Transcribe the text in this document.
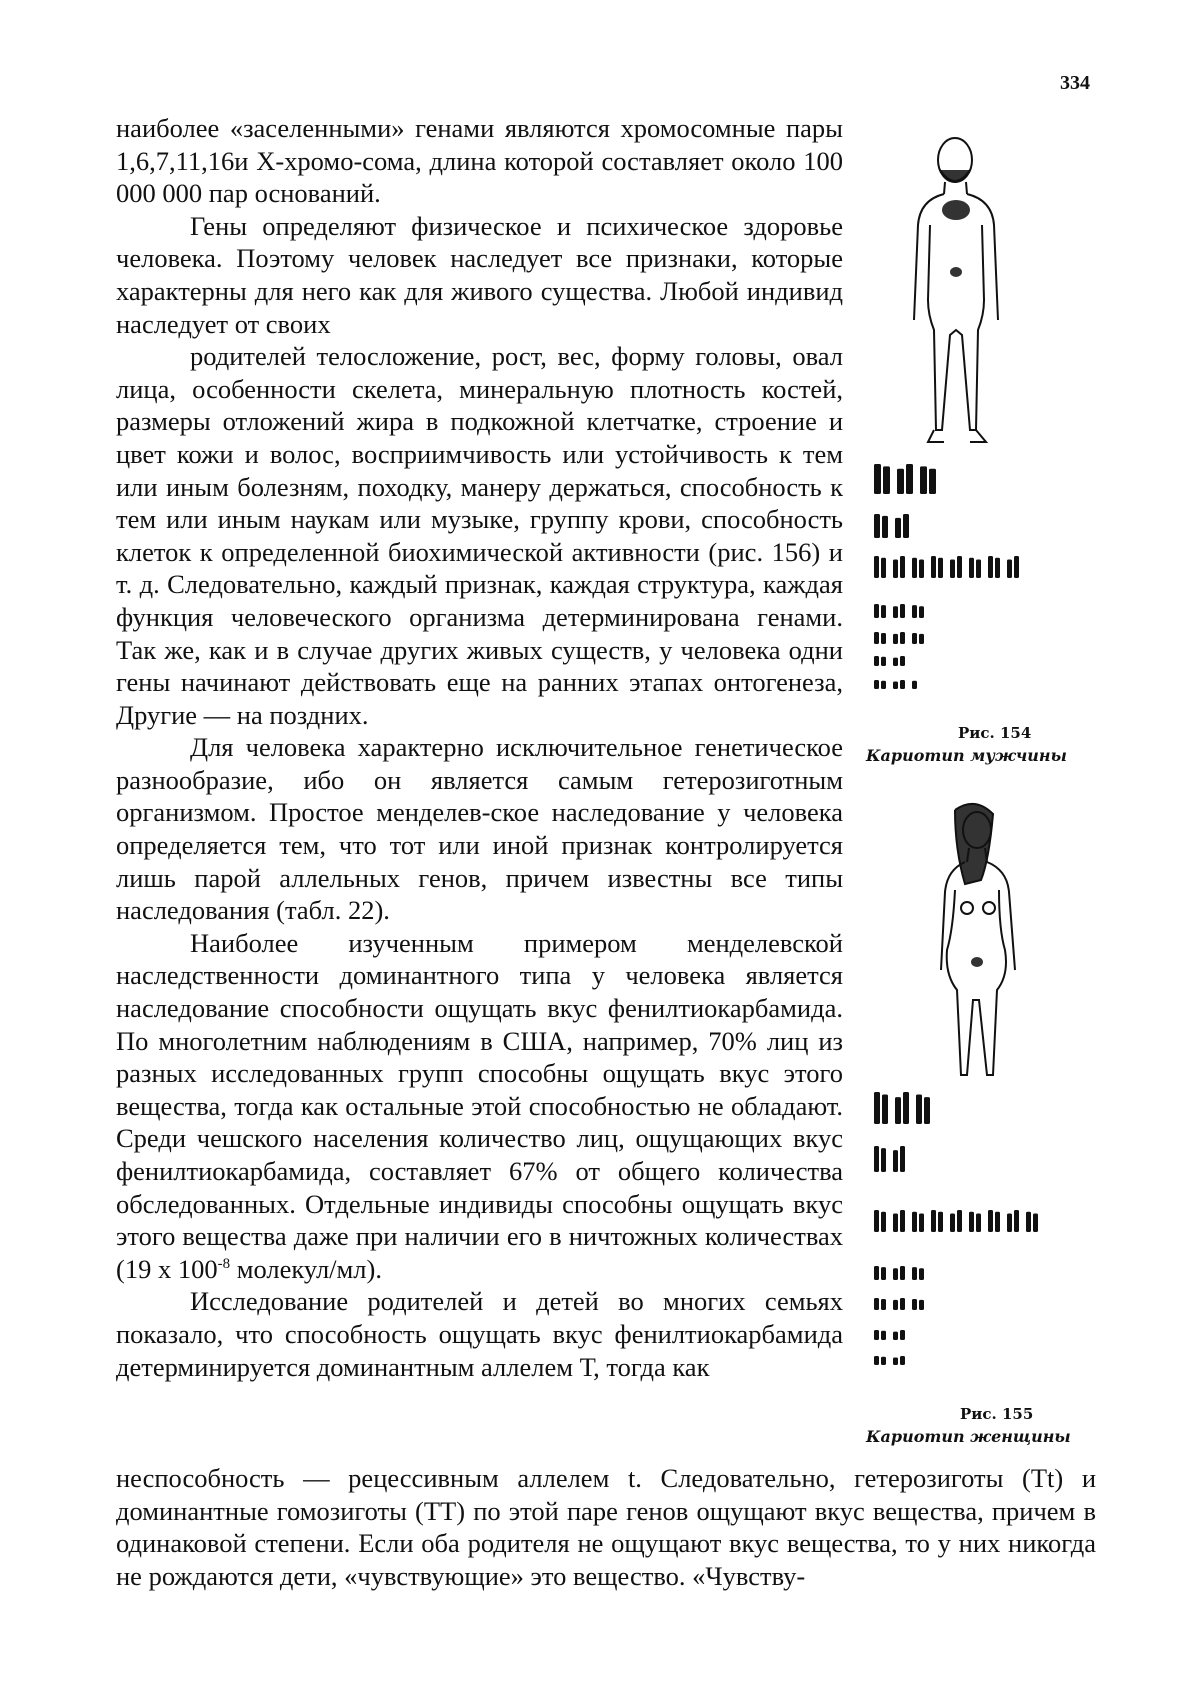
334

наиболее «заселенными» генами являются хромосомные пары 1,6,7,11,16и X-хромо-сома, длина которой составляет около 100 000 000 пар оснований.

Гены определяют физическое и психическое здоровье человека. Поэтому человек наследует все признаки, которые характерны для него как для живого существа. Любой индивид наследует от своих

родителей телосложение, рост, вес, форму головы, овал лица, особенности скелета, минеральную плотность костей, размеры отложений жира в подкожной клетчатке, строение и цвет кожи и волос, восприимчивость или устойчивость к тем или иным болезням, походку, манеру держаться, способность к тем или иным наукам или музыке, группу крови, способность клеток к определенной биохимической активности (рис. 156) и т. д. Следовательно, каждый признак, каждая структура, каждая функция человеческого организма детерминирована генами. Так же, как и в случае других живых существ, у человека одни гены начинают действовать еще на ранних этапах онтогенеза, Другие — на поздних.

Для человека характерно исключительное генетическое разнообразие, ибо он является самым гетерозиготным организмом. Простое менделев-ское наследование у человека определяется тем, что тот или иной признак контролируется лишь парой аллельных генов, причем известны все типы наследования (табл. 22).

Наиболее изученным примером менделевской наследственности доминантного типа у человека является наследование способности ощущать вкус фенилтиокарбамида. По многолетним наблюдениям в США, например, 70% лиц из разных исследованных групп способны ощущать вкус этого вещества, тогда как остальные этой способностью не обладают. Среди чешского населения количество лиц, ощущающих вкус фенилтиокарбамида, составляет 67% от общего количества обследованных. Отдельные индивиды способны ощущать вкус этого вещества даже при наличии его в ничтожных количествах (19 x $100^{-8}$ молекул/мл).

Исследование родителей и детей во многих семьях показало, что способность ощущать вкус фенилтиокарбамида детерминируется доминантным аллелем Т, тогда как

неспособность — рецессивным аллелем t. Следовательно, гетерозиготы (Tt) и доминантные гомозиготы (ТТ) по этой паре генов ощущают вкус вещества, причем в одинаковой степени. Если оба родителя не ощущают вкус вещества, то у них никогда не рождаются дети, «чувствующие» это вещество. «Чувству-

Рис. 154
Кариотип мужчины
Рис. 155
Кариотип женщины
